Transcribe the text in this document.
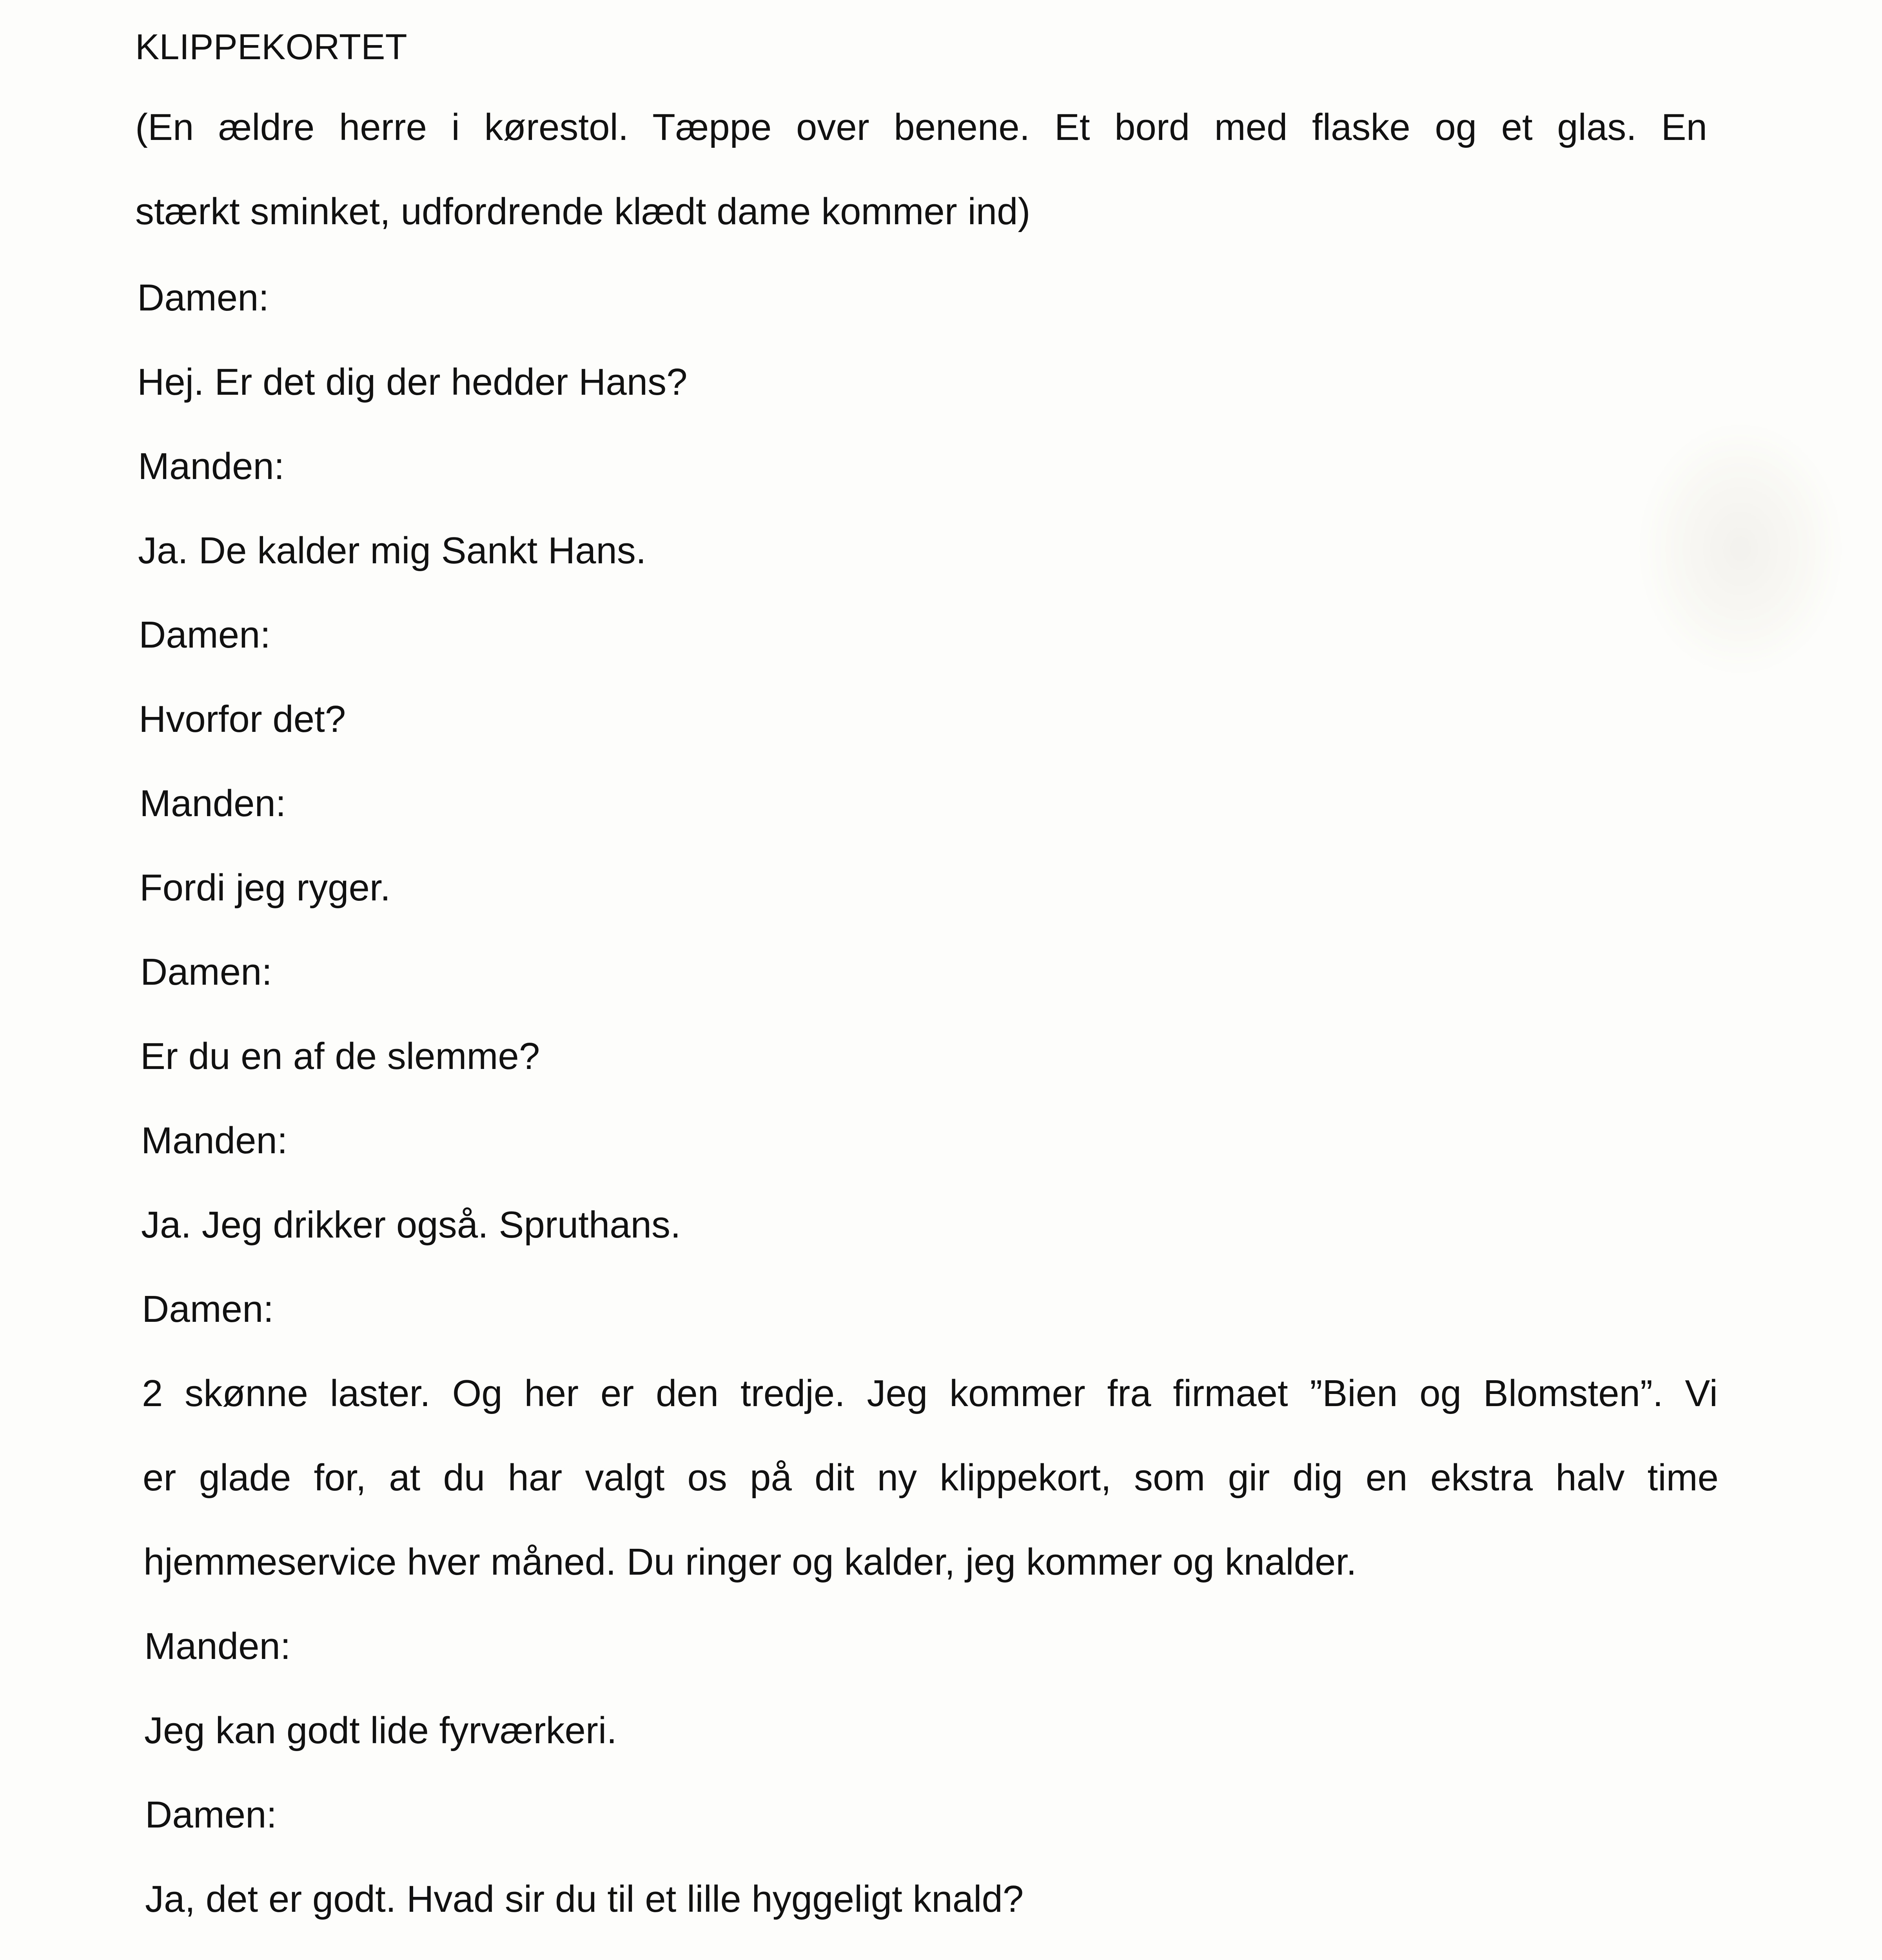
KLIPPEKORTET

(En ældre herre i kørestol. Tæppe over benene. Et bord med flaske og et glas. En

stærkt sminket, udfordrende klædt dame kommer ind)

Damen:

Hej. Er det dig der hedder Hans?

Manden:

Ja. De kalder mig Sankt Hans.

Damen:

Hvorfor det?

Manden:

Fordi jeg ryger.

Damen:

Er du en af de slemme?

Manden:

Ja. Jeg drikker også. Spruthans.

Damen:

2 skønne laster. Og her er den tredje. Jeg kommer fra firmaet ”Bien og Blomsten”. Vi

er glade for, at du har valgt os på dit ny klippekort, som gir dig en ekstra halv time

hjemmeservice hver måned. Du ringer og kalder, jeg kommer og knalder.

Manden:

Jeg kan godt lide fyrværkeri.

Damen:

Ja, det er godt. Hvad sir du til et lille hyggeligt knald?
